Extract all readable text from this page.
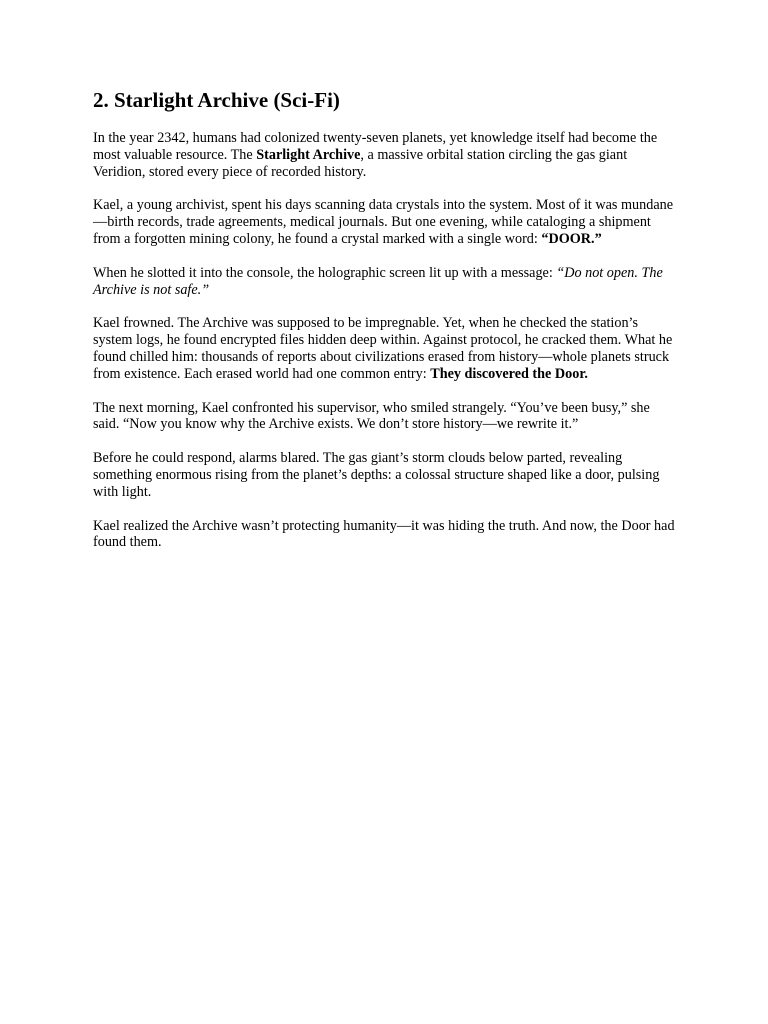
2. Starlight Archive (Sci-Fi)

In the year 2342, humans had colonized twenty-seven planets, yet knowledge itself had become the most valuable resource. The Starlight Archive, a massive orbital station circling the gas giant Veridion, stored every piece of recorded history.

Kael, a young archivist, spent his days scanning data crystals into the system. Most of it was mundane—birth records, trade agreements, medical journals. But one evening, while cataloging a shipment from a forgotten mining colony, he found a crystal marked with a single word: “DOOR.”

When he slotted it into the console, the holographic screen lit up with a message: “Do not open. The Archive is not safe.”

Kael frowned. The Archive was supposed to be impregnable. Yet, when he checked the station’s system logs, he found encrypted files hidden deep within. Against protocol, he cracked them. What he found chilled him: thousands of reports about civilizations erased from history—whole planets struck from existence. Each erased world had one common entry: They discovered the Door.

The next morning, Kael confronted his supervisor, who smiled strangely. “You’ve been busy,” she said. “Now you know why the Archive exists. We don’t store history—we rewrite it.”

Before he could respond, alarms blared. The gas giant’s storm clouds below parted, revealing something enormous rising from the planet’s depths: a colossal structure shaped like a door, pulsing with light.

Kael realized the Archive wasn’t protecting humanity—it was hiding the truth. And now, the Door had found them.
